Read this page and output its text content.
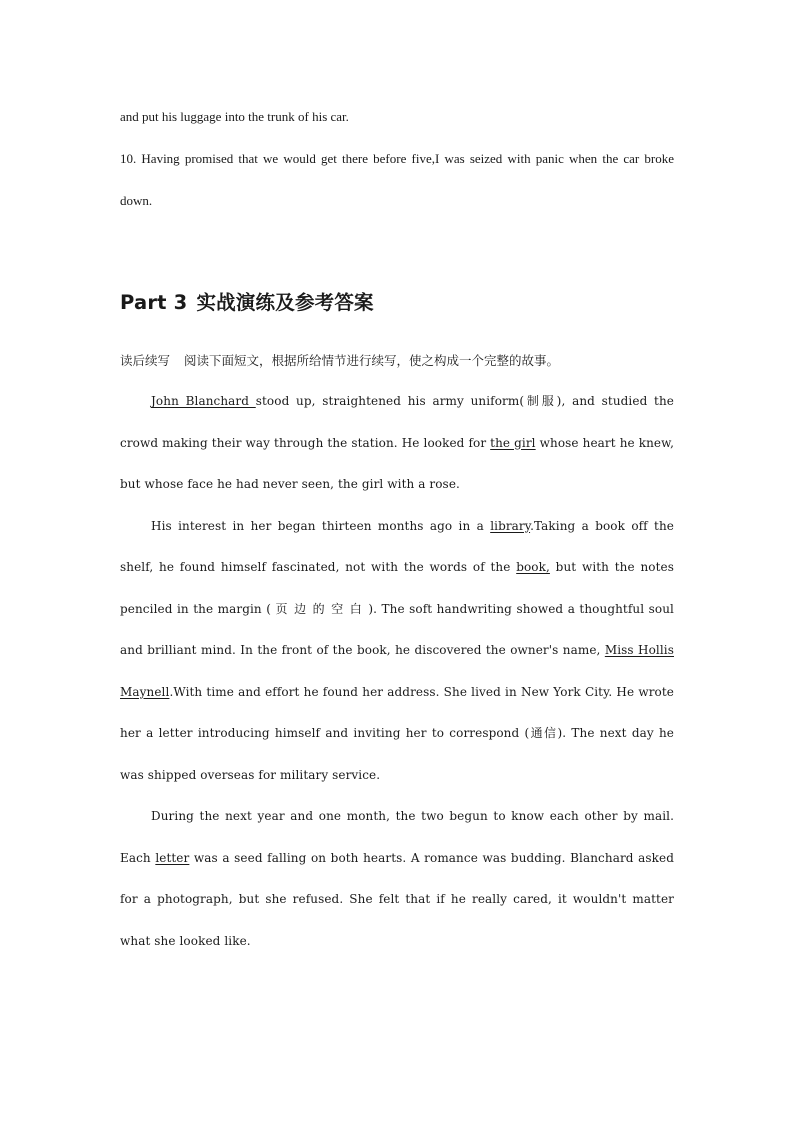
and put his luggage into the trunk of his car.
10. Having promised that we would get there before five,I was seized with panic when the car broke down.
Part 3 实战演练及参考答案
读后续写 阅读下面短文，根据所给情节进行续写，使之构成一个完整的故事。

John Blanchard stood up, straightened his army uniform(制服), and studied the crowd making their way through the station. He looked for the girl whose heart he knew, but whose face he had never seen, the girl with a rose.

His interest in her began thirteen months ago in a library.Taking a book off the shelf, he found himself fascinated, not with the words of the book, but with the notes penciled in the margin ( 页边的空白). The soft handwriting showed a thoughtful soul and brilliant mind. In the front of the book, he discovered the owner's name, Miss Hollis Maynell.With time and effort he found her address. She lived in New York City. He wrote her a letter introducing himself and inviting her to correspond (通信). The next day he was shipped overseas for military service.

During the next year and one month, the two begun to know each other by mail. Each letter was a seed falling on both hearts. A romance was budding. Blanchard asked for a photograph, but she refused. She felt that if he really cared, it wouldn't matter what she looked like.
